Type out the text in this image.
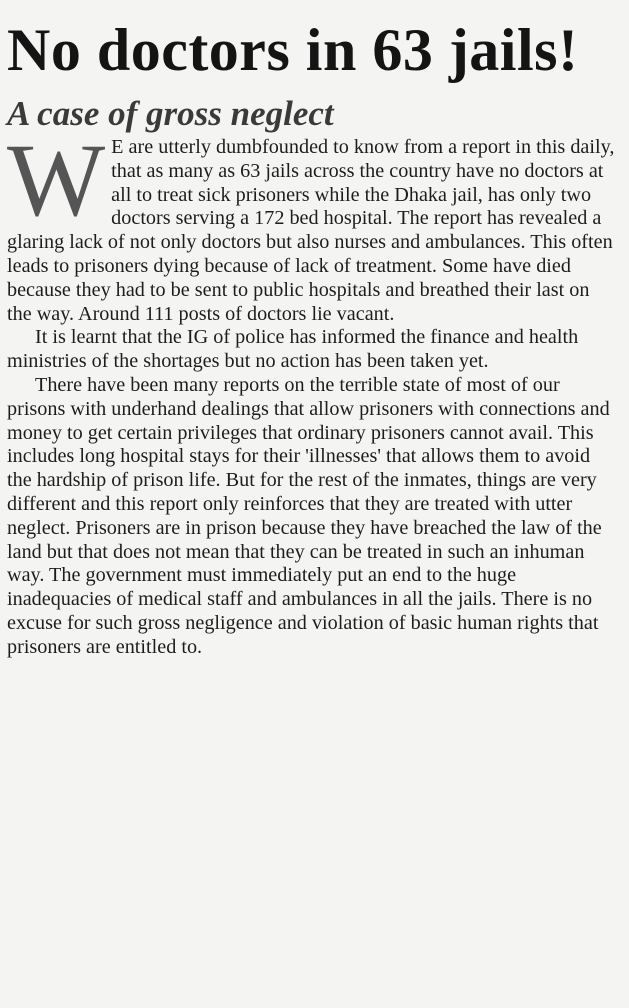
No doctors in 63 jails!
A case of gross neglect

W E are utterly dumbfounded to know from a report in this daily, that as many as 63 jails across the country have no doctors at all to treat sick prisoners while the Dhaka jail, has only two doctors serving a 172 bed hospital. The report has revealed a glaring lack of not only doctors but also nurses and ambulances. This often leads to prisoners dying because of lack of treatment. Some have died because they had to be sent to public hospitals and breathed their last on the way. Around 111 posts of doctors lie vacant.

It is learnt that the IG of police has informed the finance and health ministries of the shortages but no action has been taken yet.

There have been many reports on the terrible state of most of our prisons with underhand dealings that allow prisoners with connections and money to get certain privileges that ordinary prisoners cannot avail. This includes long hospital stays for their 'illnesses' that allows them to avoid the hardship of prison life. But for the rest of the inmates, things are very different and this report only reinforces that they are treated with utter neglect. Prisoners are in prison because they have breached the law of the land but that does not mean that they can be treated in such an inhuman way. The government must immediately put an end to the huge inadequacies of medical staff and ambulances in all the jails. There is no excuse for such gross negligence and violation of basic human rights that prisoners are entitled to.
